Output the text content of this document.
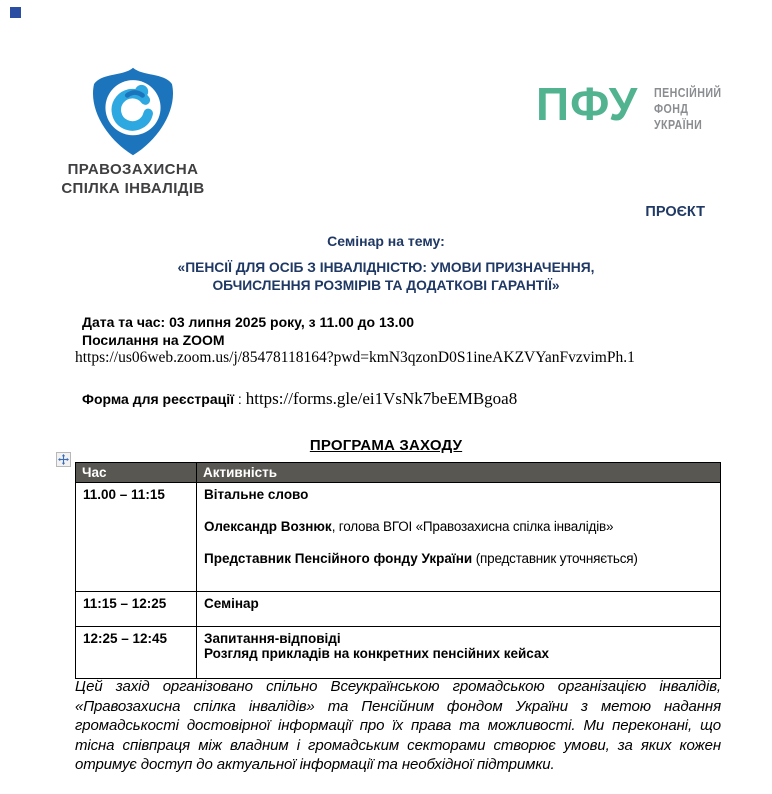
ПРАВОЗАХИСНА
СПІЛКА ІНВАЛІДІВ
ПФУ ПЕНСІЙНИЙ
ФОНД
УКРАЇНИ
ПРОЄКТ
Семінар на тему:
«ПЕНСІЇ ДЛЯ ОСІБ З ІНВАЛІДНІСТЮ: УМОВИ ПРИЗНАЧЕННЯ,
ОБЧИСЛЕННЯ РОЗМІРІВ ТА ДОДАТКОВІ ГАРАНТІЇ»
Дата та час: 03 липня 2025 року, з 11.00 до 13.00
Посилання на ZOOM
https://us06web.zoom.us/j/85478118164?pwd=kmN3qzonD0S1ineAKZVYanFvzvimPh.1
Форма для реєстрації : https://forms.gle/ei1VsNk7beEMBgoa8
ПРОГРАМА ЗАХОДУ
Час	Активність
11.00 – 11:15	Вітальне слово
Олександр Вознюк, голова ВГОІ «Правозахисна спілка інвалідів»
Представник Пенсійного фонду України (представник уточняється)

11:15 – 12:25	Семінар

12:25 – 12:45	Запитання-відповіді
Розгляд прикладів на конкретних пенсійних кейсах
Цей захід організовано спільно Всеукраїнською громадською організацією інвалідів, «Правозахисна спілка інвалідів» та Пенсійним фондом України з метою надання громадськості достовірної інформації про їх права та можливості. Ми переконані, що тісна співпраця між владним і громадським секторами створює умови, за яких кожен отримує доступ до актуальної інформації та необхідної підтримки.
